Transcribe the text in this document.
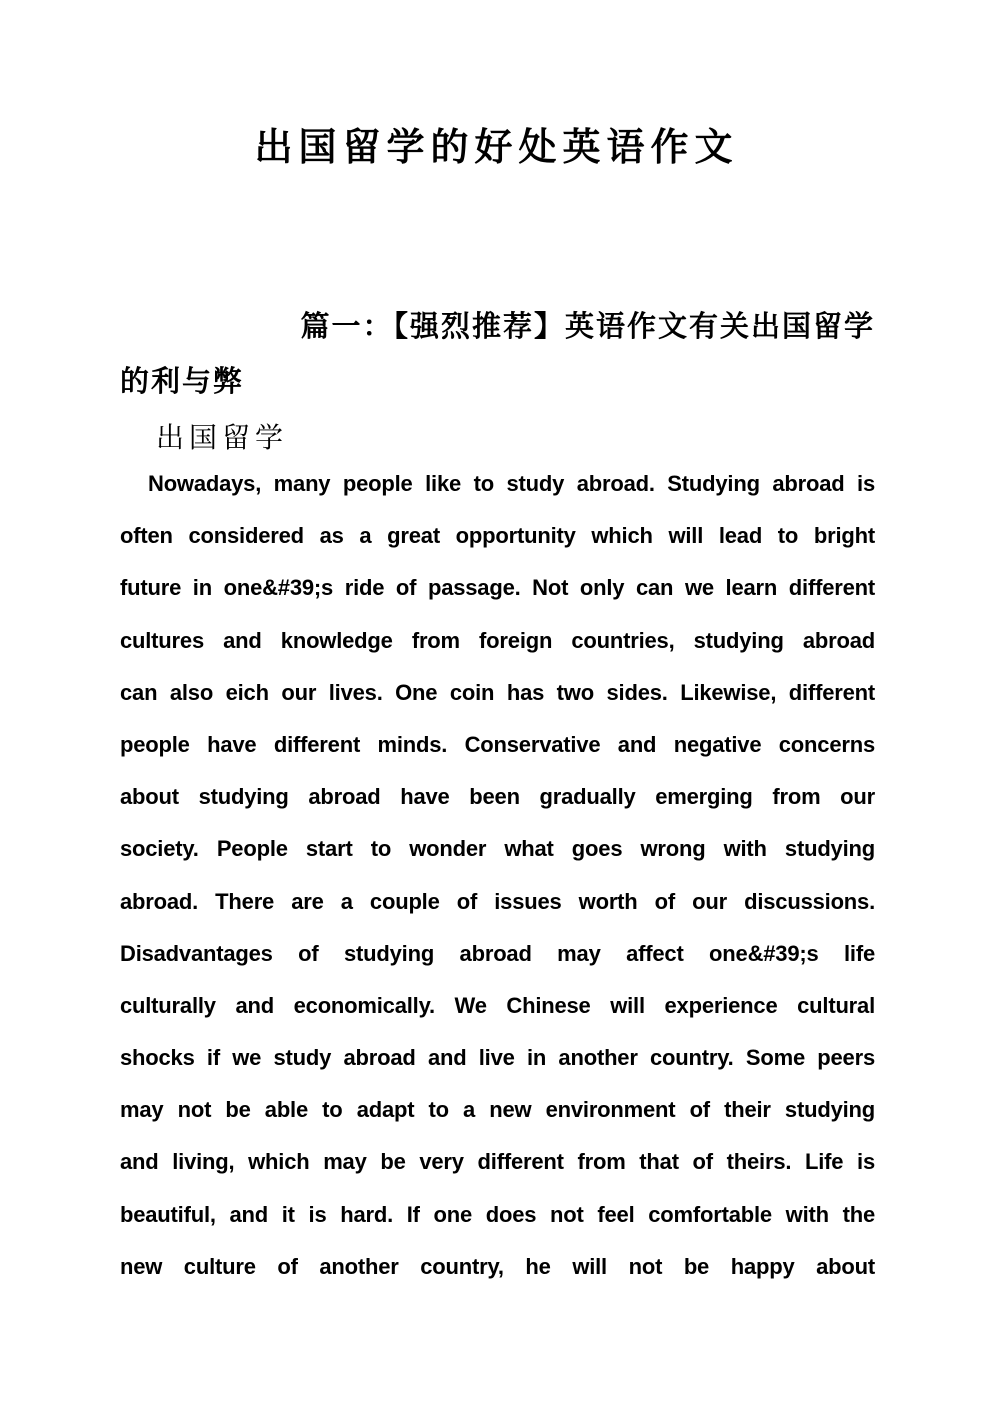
出国留学的好处英语作文
篇一：【强烈推荐】英语作文有关出国留学
的利与弊
出国留学
Nowadays, many people like to study abroad. Studying abroad is
often considered as a great opportunity which will lead to bright
future in one&#39;s ride of passage. Not only can we learn different
cultures and knowledge from foreign countries, studying abroad
can also eich our lives. One coin has two sides. Likewise, different
people have different minds. Conservative and negative concerns
about studying abroad have been gradually emerging from our
society. People start to wonder what goes wrong with studying
abroad. There are a couple of issues worth of our discussions.
Disadvantages of studying abroad may affect one&#39;s life
culturally and economically. We Chinese will experience cultural
shocks if we study abroad and live in another country. Some peers
may not be able to adapt to a new environment of their studying
and living, which may be very different from that of theirs. Life is
beautiful, and it is hard. If one does not feel comfortable with the
new culture of another country, he will not be happy about
